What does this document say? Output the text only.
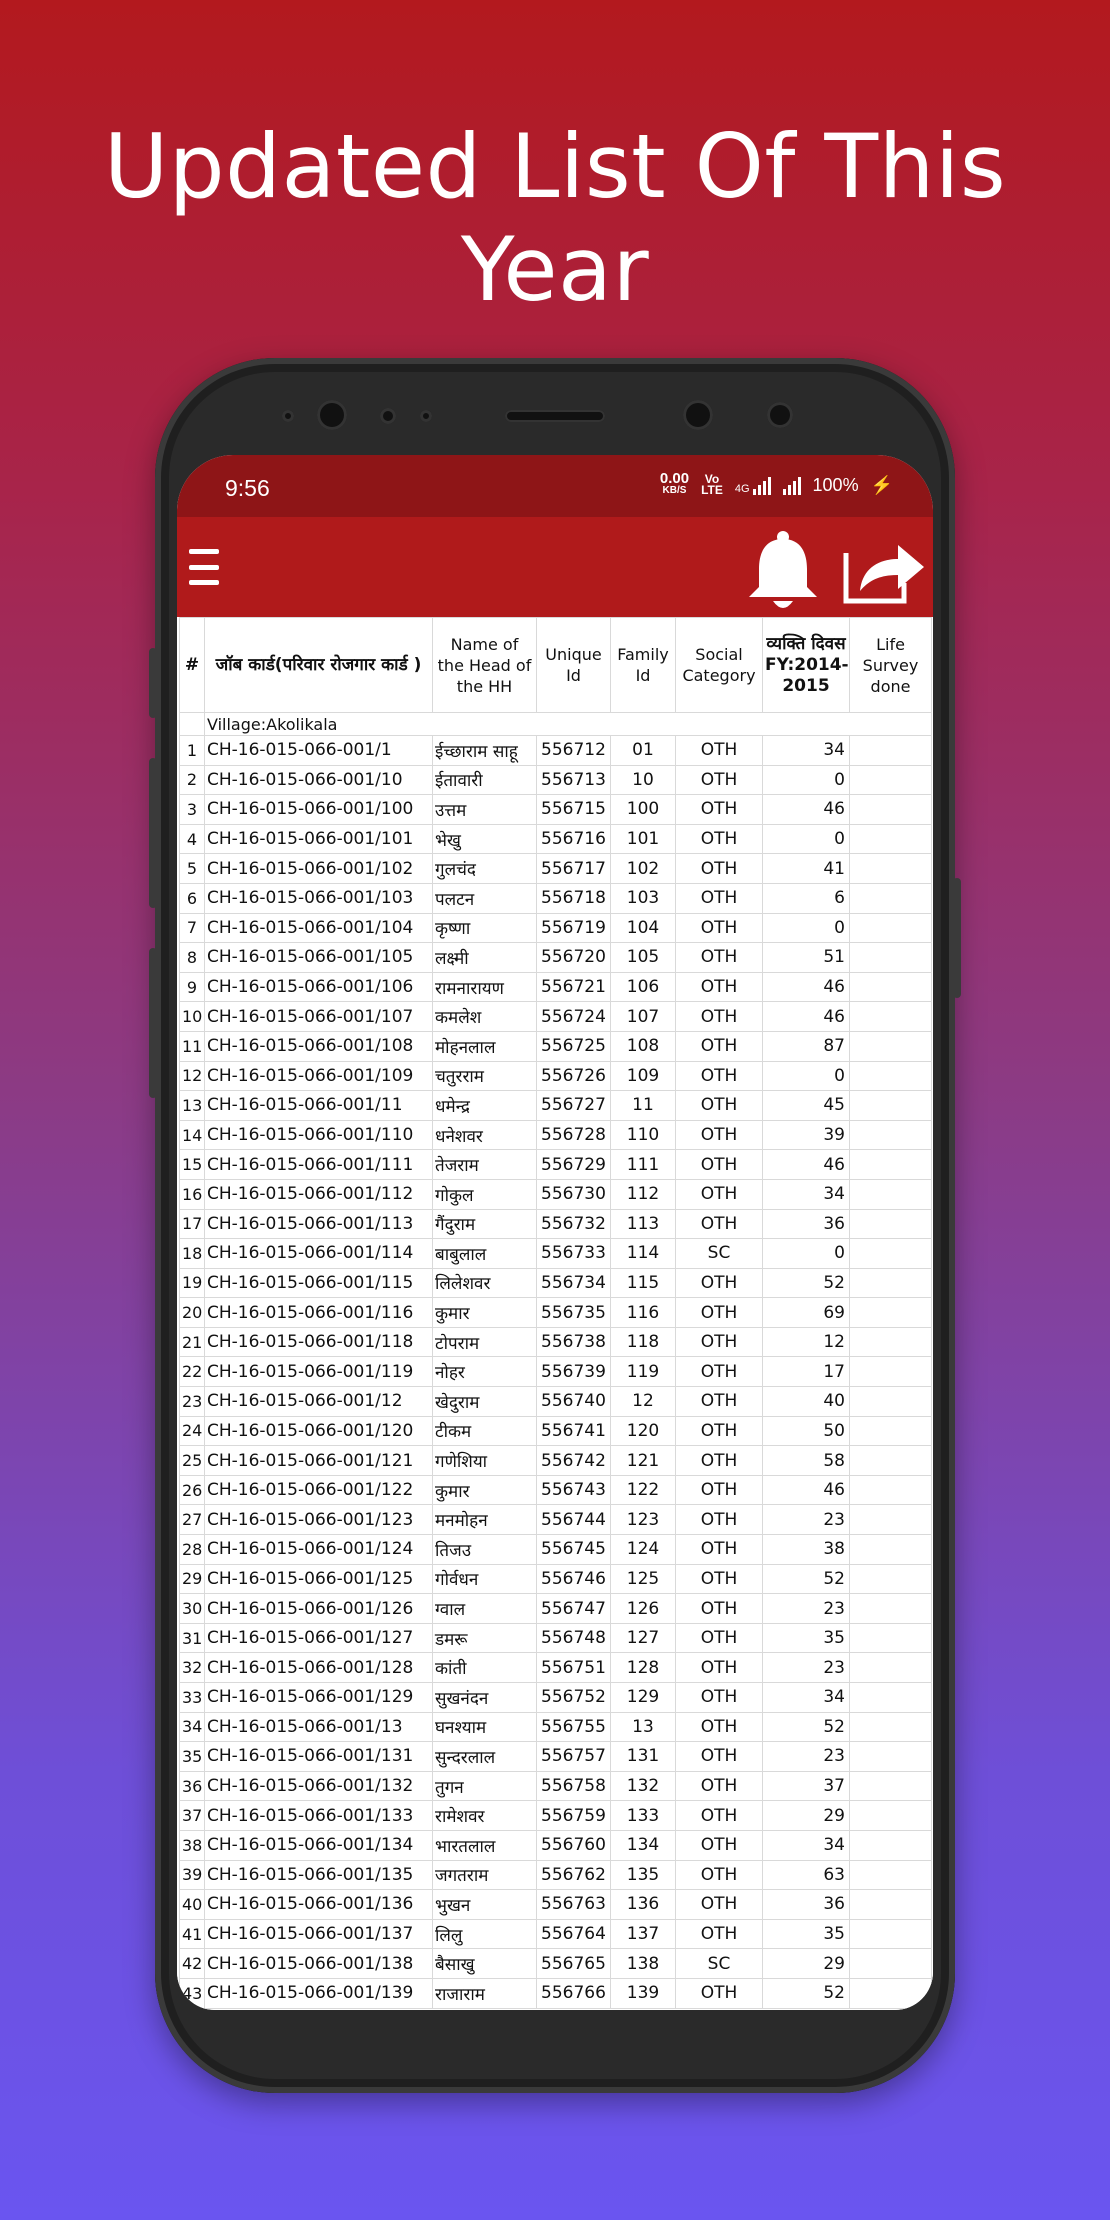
Updated List Of This Year
9:56	0.00
KB/S
Vo
LTE 4G	100% ⚡
#	जॉब कार्ड(परिवार रोजगार कार्ड )	Name of the Head of the HH	Unique Id	Family Id	Social Category	व्यक्ति दिवस FY:2014-2015	Life Survey done
	Village:Akolikala						
1	CH-16-015-066-001/1	ईच्छाराम साहू	556712	01	OTH	34	
2	CH-16-015-066-001/10	ईतावारी	556713	10	OTH	0	
3	CH-16-015-066-001/100	उत्तम	556715	100	OTH	46	
4	CH-16-015-066-001/101	भेखु	556716	101	OTH	0	
5	CH-16-015-066-001/102	गुलचंद	556717	102	OTH	41	
6	CH-16-015-066-001/103	पलटन	556718	103	OTH	6	
7	CH-16-015-066-001/104	कृष्णा	556719	104	OTH	0	
8	CH-16-015-066-001/105	लक्ष्मी	556720	105	OTH	51	
9	CH-16-015-066-001/106	रामनारायण	556721	106	OTH	46	
10	CH-16-015-066-001/107	कमलेश	556724	107	OTH	46	
11	CH-16-015-066-001/108	मोहनलाल	556725	108	OTH	87	
12	CH-16-015-066-001/109	चतुरराम	556726	109	OTH	0	
13	CH-16-015-066-001/11	धमेन्द्र	556727	11	OTH	45	
14	CH-16-015-066-001/110	धनेशवर	556728	110	OTH	39	
15	CH-16-015-066-001/111	तेजराम	556729	111	OTH	46	
16	CH-16-015-066-001/112	गोकुल	556730	112	OTH	34	
17	CH-16-015-066-001/113	गैंदुराम	556732	113	OTH	36	
18	CH-16-015-066-001/114	बाबुलाल	556733	114	SC	0	
19	CH-16-015-066-001/115	लिलेशवर	556734	115	OTH	52	
20	CH-16-015-066-001/116	कुमार	556735	116	OTH	69	
21	CH-16-015-066-001/118	टोपराम	556738	118	OTH	12	
22	CH-16-015-066-001/119	नोहर	556739	119	OTH	17	
23	CH-16-015-066-001/12	खेदुराम	556740	12	OTH	40	
24	CH-16-015-066-001/120	टीकम	556741	120	OTH	50	
25	CH-16-015-066-001/121	गणेशिया	556742	121	OTH	58	
26	CH-16-015-066-001/122	कुमार	556743	122	OTH	46	
27	CH-16-015-066-001/123	मनमोहन	556744	123	OTH	23	
28	CH-16-015-066-001/124	तिजउ	556745	124	OTH	38	
29	CH-16-015-066-001/125	गोर्वधन	556746	125	OTH	52	
30	CH-16-015-066-001/126	ग्वाल	556747	126	OTH	23	
31	CH-16-015-066-001/127	डमरू	556748	127	OTH	35	
32	CH-16-015-066-001/128	कांती	556751	128	OTH	23	
33	CH-16-015-066-001/129	सुखनंदन	556752	129	OTH	34	
34	CH-16-015-066-001/13	घनश्याम	556755	13	OTH	52	
35	CH-16-015-066-001/131	सुन्दरलाल	556757	131	OTH	23	
36	CH-16-015-066-001/132	तुगन	556758	132	OTH	37	
37	CH-16-015-066-001/133	रामेशवर	556759	133	OTH	29	
38	CH-16-015-066-001/134	भारतलाल	556760	134	OTH	34	
39	CH-16-015-066-001/135	जगतराम	556762	135	OTH	63	
40	CH-16-015-066-001/136	भुखन	556763	136	OTH	36	
41	CH-16-015-066-001/137	लिलु	556764	137	OTH	35	
42	CH-16-015-066-001/138	बैसाखु	556765	138	SC	29	
43	CH-16-015-066-001/139	राजाराम	556766	139	OTH	52	
